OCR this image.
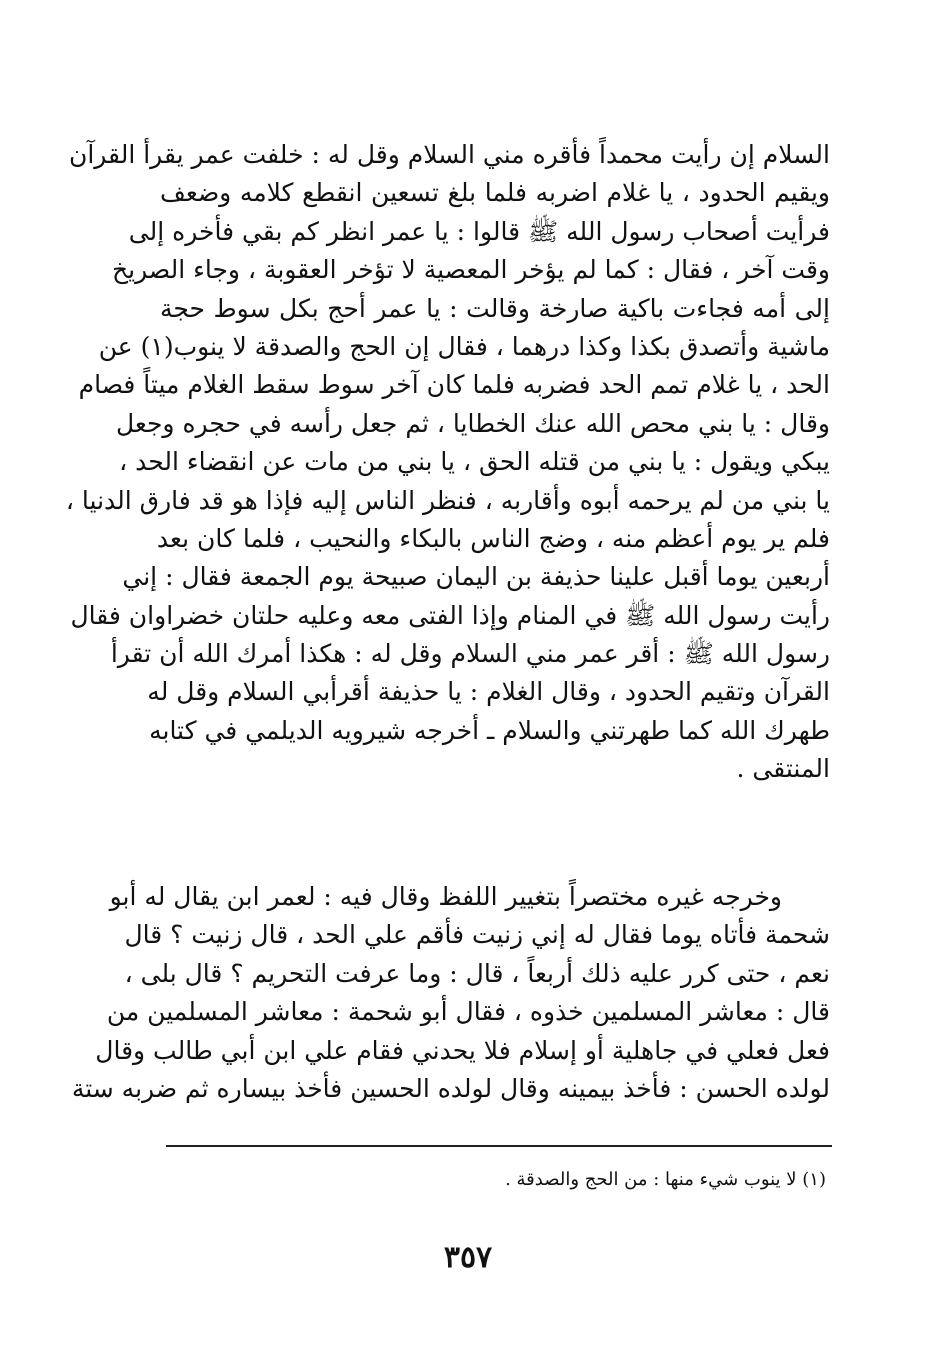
السلام إن رأيت محمداً فأقره مني السلام وقل له : خلفت عمر يقرأ القرآن
ويقيم الحدود ، يا غلام اضربه فلما بلغ تسعين انقطع كلامه وضعف
فرأيت أصحاب رسول الله ﷺ قالوا : يا عمر انظر كم بقي فأخره إلى
وقت آخر ، فقال : كما لم يؤخر المعصية لا تؤخر العقوبة ، وجاء الصريخ
إلى أمه فجاءت باكية صارخة وقالت : يا عمر أحج بكل سوط حجة
ماشية وأتصدق بكذا وكذا درهما ، فقال إن الحج والصدقة لا ينوب(١) عن
الحد ، يا غلام تمم الحد فضربه فلما كان آخر سوط سقط الغلام ميتاً فصام
وقال : يا بني محص الله عنك الخطايا ، ثم جعل رأسه في حجره وجعل
يبكي ويقول : يا بني من قتله الحق ، يا بني من مات عن انقضاء الحد ،
يا بني من لم يرحمه أبوه وأقاربه ، فنظر الناس إليه فإذا هو قد فارق الدنيا ،
فلم ير يوم أعظم منه ، وضج الناس بالبكاء والنحيب ، فلما كان بعد
أربعين يوما أقبل علينا حذيفة بن اليمان صبيحة يوم الجمعة فقال : إني
رأيت رسول الله ﷺ في المنام وإذا الفتى معه وعليه حلتان خضراوان فقال
رسول الله ﷺ : أقر عمر مني السلام وقل له : هكذا أمرك الله أن تقرأ
القرآن وتقيم الحدود ، وقال الغلام : يا حذيفة أقرأبي السلام وقل له
طهرك الله كما طهرتني والسلام ـ أخرجه شيرويه الديلمي في كتابه
المنتقى .
وخرجه غيره مختصراً بتغيير اللفظ وقال فيه : لعمر ابن يقال له أبو
شحمة فأتاه يوما فقال له إني زنيت فأقم علي الحد ، قال زنيت ؟ قال
نعم ، حتى كرر عليه ذلك أربعاً ، قال : وما عرفت التحريم ؟ قال بلى ،
قال : معاشر المسلمين خذوه ، فقال أبو شحمة : معاشر المسلمين من
فعل فعلي في جاهلية أو إسلام فلا يحدني فقام علي ابن أبي طالب وقال
لولده الحسن : فأخذ بيمينه وقال لولده الحسين فأخذ بيساره ثم ضربه ستة
(١) لا ينوب شيء منها : من الحج والصدقة .
٣٥٧
